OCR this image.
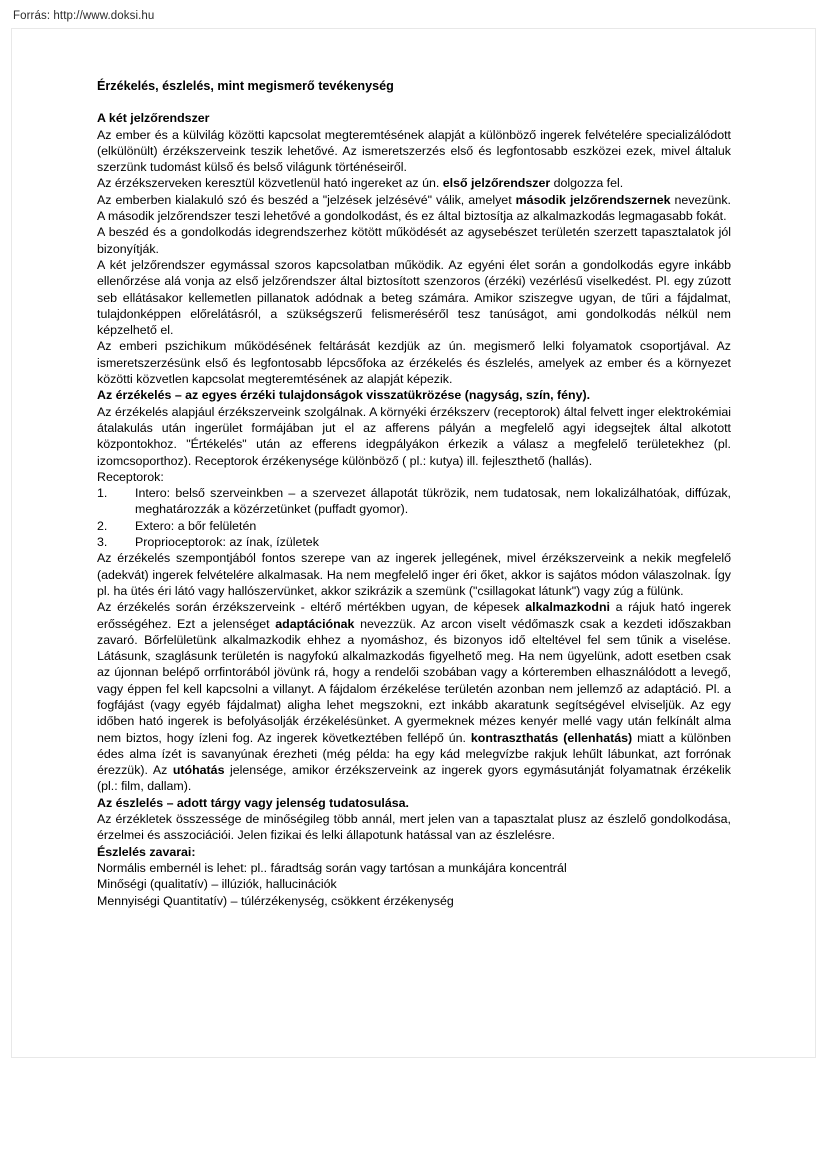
Forrás: http://www.doksi.hu
Érzékelés, észlelés, mint megismerő tevékenység
A két jelzőrendszer

Az ember és a külvilág közötti kapcsolat megteremtésének alapját a különböző ingerek felvételére specializálódott (elkülönült) érzékszerveink teszik lehetővé. Az ismeretszerzés első és legfontosabb eszközei ezek, mivel általuk szerzünk tudomást külső és belső világunk történéseiről.

Az érzékszerveken keresztül közvetlenül ható ingereket az ún. első jelzőrendszer dolgozza fel.

Az emberben kialakuló szó és beszéd a "jelzések jelzésévé" válik, amelyet második jelzőrendszernek nevezünk. A második jelzőrendszer teszi lehetővé a gondolkodást, és ez által biztosítja az alkalmazkodás legmagasabb fokát.

A beszéd és a gondolkodás idegrendszerhez kötött működését az agysebészet területén szerzett tapasztalatok jól bizonyítják.

A két jelzőrendszer egymással szoros kapcsolatban működik. Az egyéni élet során a gondolkodás egyre inkább ellenőrzése alá vonja az első jelzőrendszer által biztosított szenzoros (érzéki) vezérlésű viselkedést. Pl. egy zúzott seb ellátásakor kellemetlen pillanatok adódnak a beteg számára. Amikor sziszegve ugyan, de tűri a fájdalmat, tulajdonképpen előrelátásról, a szükségszerű felismeréséről tesz tanúságot, ami gondolkodás nélkül nem képzelhető el.

Az emberi pszichikum működésének feltárását kezdjük az ún. megismerő lelki folyamatok csoportjával. Az ismeretszerzésünk első és legfontosabb lépcsőfoka az érzékelés és észlelés, amelyek az ember és a környezet közötti közvetlen kapcsolat megteremtésének az alapját képezik.

Az érzékelés – az egyes érzéki tulajdonságok visszatükrözése (nagyság, szín, fény).

Az érzékelés alapjául érzékszerveink szolgálnak. A környéki érzékszerv (receptorok) által felvett inger elektrokémiai átalakulás után ingerület formájában jut el az afferens pályán a megfelelő agyi idegsejtek által alkotott központokhoz. "Értékelés" után az efferens idegpályákon érkezik a válasz a megfelelő területekhez (pl. izomcsoporthoz). Receptorok érzékenysége különböző ( pl.: kutya) ill. fejleszthető (hallás).

Receptorok:

1. Intero: belső szerveinkben – a szervezet állapotát tükrözik, nem tudatosak, nem lokalizálhatóak, diffúzak, meghatározzák a közérzetünket (puffadt gyomor).
2. Extero: a bőr felületén
3. Proprioceptorok: az ínak, ízületek

Az érzékelés szempontjából fontos szerepe van az ingerek jellegének, mivel érzékszerveink a nekik megfelelő (adekvát) ingerek felvételére alkalmasak. Ha nem megfelelő inger éri őket, akkor is sajátos módon válaszolnak. Így pl. ha ütés éri látó vagy hallószervünket, akkor szikrázik a szemünk ("csillagokat látunk") vagy zúg a fülünk.

Az érzékelés során érzékszerveink - eltérő mértékben ugyan, de képesek alkalmazkodni a rájuk ható ingerek erősségéhez. Ezt a jelenséget adaptációnak nevezzük. Az arcon viselt védőmaszk csak a kezdeti időszakban zavaró. Bőrfelületünk alkalmazkodik ehhez a nyomáshoz, és bizonyos idő elteltével fel sem tűnik a viselése. Látásunk, szaglásunk területén is nagyfokú alkalmazkodás figyelhető meg. Ha nem ügyelünk, adott esetben csak az újonnan belépő orrfintorából jövünk rá, hogy a rendelői szobában vagy a kórteremben elhasználódott a levegő, vagy éppen fel kell kapcsolni a villanyt. A fájdalom érzékelése területén azonban nem jellemző az adaptáció. Pl. a fogfájást (vagy egyéb fájdalmat) aligha lehet megszokni, ezt inkább akaratunk segítségével elviseljük. Az egy időben ható ingerek is befolyásolják érzékelésünket. A gyermeknek mézes kenyér mellé vagy után felkínált alma nem biztos, hogy ízleni fog. Az ingerek következtében fellépő ún. kontraszthatás (ellenhatás) miatt a különben édes alma ízét is savanyúnak érezheti (még példa: ha egy kád melegvízbe rakjuk lehűlt lábunkat, azt forrónak érezzük). Az utóhatás jelensége, amikor érzékszerveink az ingerek gyors egymásutánját folyamatnak érzékelik (pl.: film, dallam).

Az észlelés – adott tárgy vagy jelenség tudatosulása.

Az érzékletek összessége de minőségileg több annál, mert jelen van a tapasztalat plusz az észlelő gondolkodása, érzelmei és asszociációi. Jelen fizikai és lelki állapotunk hatással van az észlelésre.

Észlelés zavarai:

Normális embernél is lehet: pl.. fáradtság során vagy tartósan a munkájára koncentrál

Minőségi (qualitatív) – illúziók, hallucinációk

Mennyiségi Quantitatív) – túlérzékenység, csökkent érzékenység
